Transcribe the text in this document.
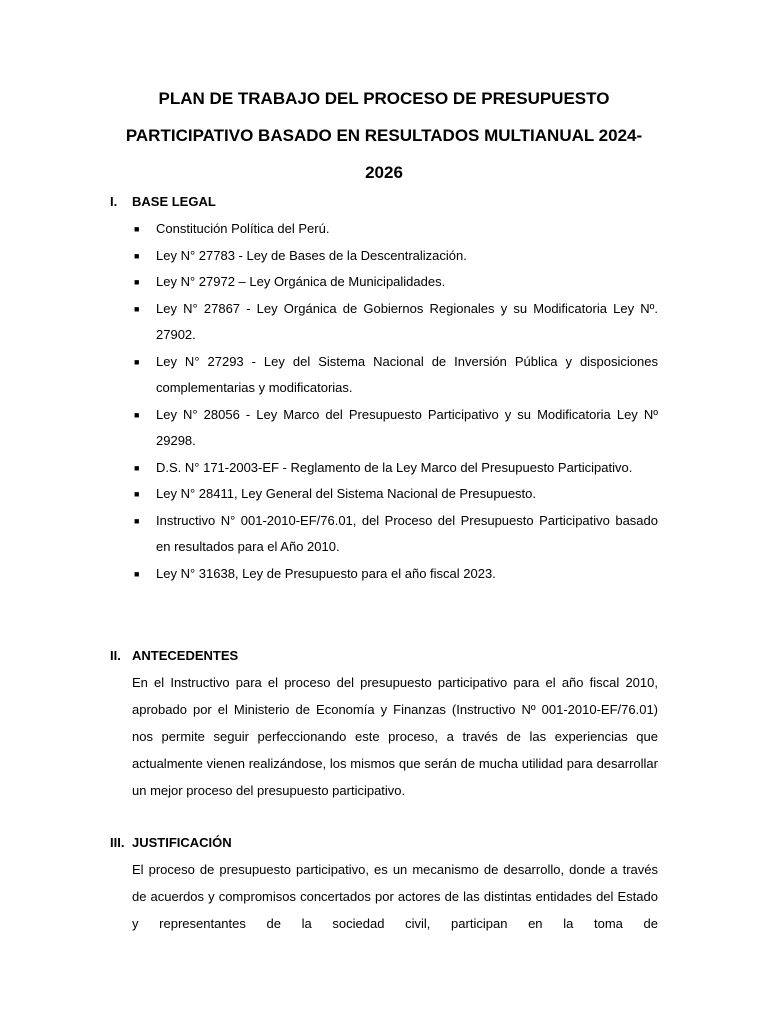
PLAN DE TRABAJO DEL PROCESO DE PRESUPUESTO
PARTICIPATIVO BASADO EN RESULTADOS MULTIANUAL 2024-
2026
I. BASE LEGAL
■ Constitución Política del Perú.
■ Ley N° 27783 - Ley de Bases de la Descentralización.
■ Ley N° 27972 – Ley Orgánica de Municipalidades.
■ Ley N° 27867 - Ley Orgánica de Gobiernos Regionales y su Modificatoria Ley Nº. 27902.
■ Ley N° 27293 - Ley del Sistema Nacional de Inversión Pública y disposiciones complementarias y modificatorias.
■ Ley N° 28056 - Ley Marco del Presupuesto Participativo y su Modificatoria Ley Nº 29298.
■ D.S. N° 171-2003-EF - Reglamento de la Ley Marco del Presupuesto Participativo.
■ Ley N° 28411, Ley General del Sistema Nacional de Presupuesto.
■ Instructivo N° 001-2010-EF/76.01, del Proceso del Presupuesto Participativo basado en resultados para el Año 2010.
■ Ley N° 31638, Ley de Presupuesto para el año fiscal 2023.
II. ANTECEDENTES

En el Instructivo para el proceso del presupuesto participativo para el año fiscal 2010, aprobado por el Ministerio de Economía y Finanzas (Instructivo Nº 001-2010-EF/76.01) nos permite seguir perfeccionando este proceso, a través de las experiencias que actualmente vienen realizándose, los mismos que serán de mucha utilidad para desarrollar un mejor proceso del presupuesto participativo.

III. JUSTIFICACIÓN

El proceso de presupuesto participativo, es un mecanismo de desarrollo, donde a través de acuerdos y compromisos concertados por actores de las distintas entidades del Estado y representantes de la sociedad civil, participan en la toma de
